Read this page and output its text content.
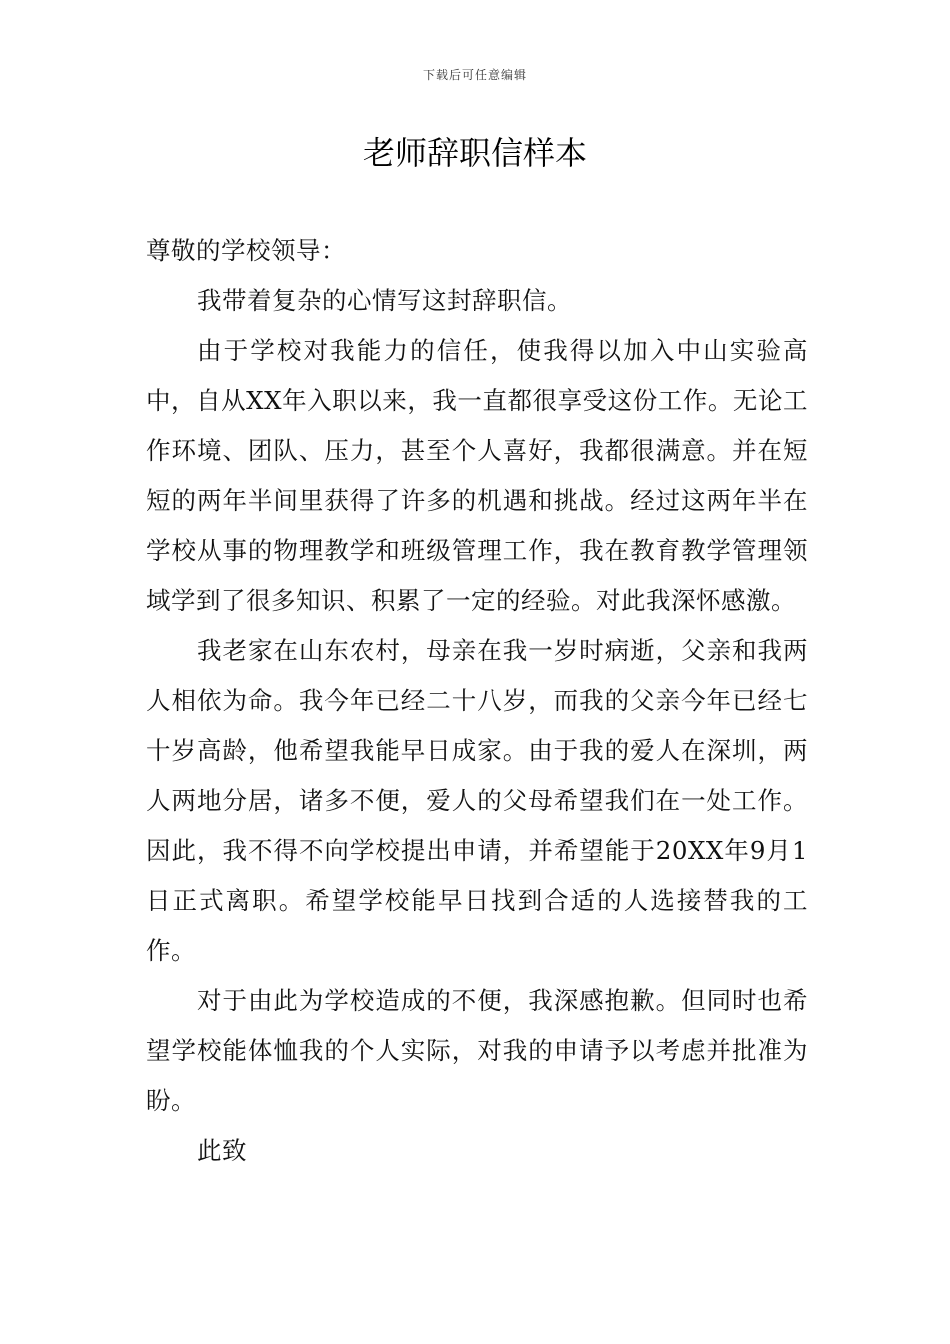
下载后可任意编辑
老师辞职信样本

尊敬的学校领导：

我带着复杂的心情写这封辞职信。

由于学校对我能力的信任，使我得以加入中山实验高中，自从XX年入职以来，我一直都很享受这份工作。无论工作环境、团队、压力，甚至个人喜好，我都很满意。并在短短的两年半间里获得了许多的机遇和挑战。经过这两年半在学校从事的物理教学和班级管理工作，我在教育教学管理领域学到了很多知识、积累了一定的经验。对此我深怀感激。

我老家在山东农村，母亲在我一岁时病逝，父亲和我两人相依为命。我今年已经二十八岁，而我的父亲今年已经七十岁高龄，他希望我能早日成家。由于我的爱人在深圳，两人两地分居，诸多不便，爱人的父母希望我们在一处工作。因此，我不得不向学校提出申请，并希望能于20XX年9月1日正式离职。希望学校能早日找到合适的人选接替我的工作。

对于由此为学校造成的不便，我深感抱歉。但同时也希望学校能体恤我的个人实际，对我的申请予以考虑并批准为盼。

此致
